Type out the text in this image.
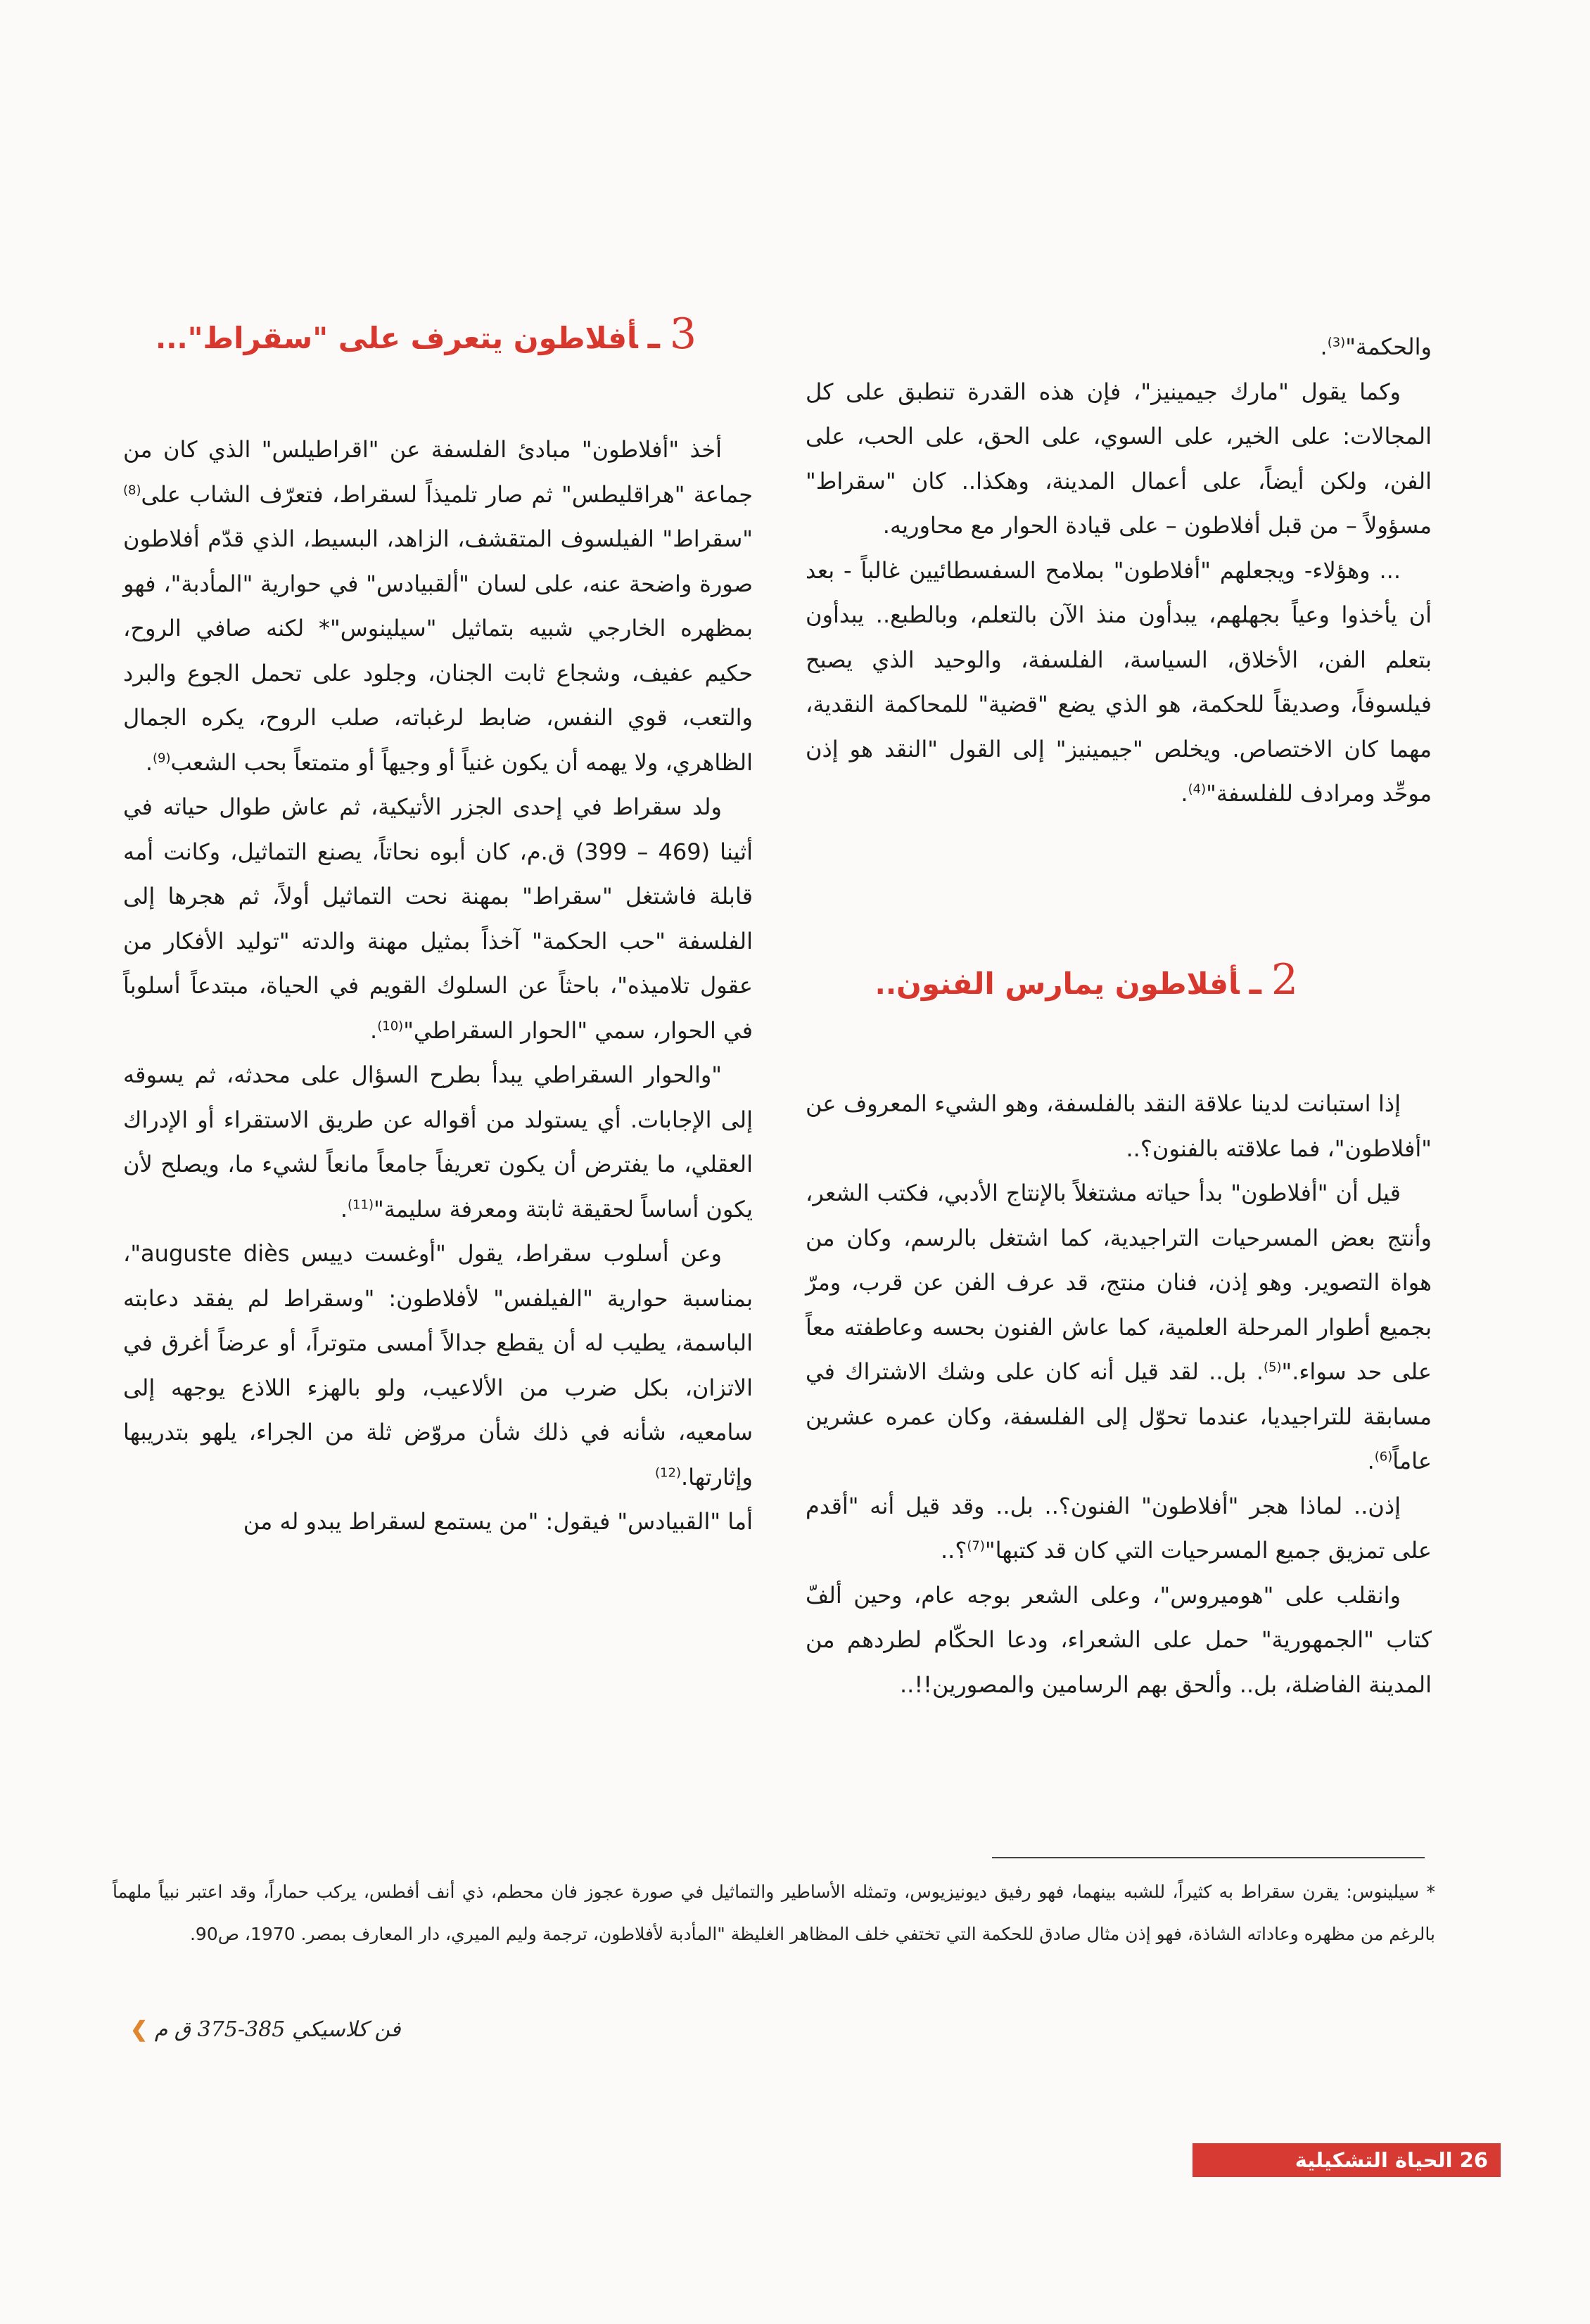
3ـأفلاطون يتعرف على "سقراط"...
2ـأفلاطون يمارس الفنون..

والحكمة"$^{(3)}$.

وكما يقول "مارك جيمينيز"، فإن هذه القدرة تنطبق على كل المجالات: على الخير، على السوي، على الحق، على الحب، على الفن، ولكن أيضاً، على أعمال المدينة، وهكذا.. كان "سقراط" مسؤولاً – من قبل أفلاطون – على قيادة الحوار مع محاوريه.

... وهؤلاء- ويجعلهم "أفلاطون" بملامح السفسطائيين غالباً - بعد أن يأخذوا وعياً بجهلهم، يبدأون منذ الآن بالتعلم، وبالطبع.. يبدأون بتعلم الفن، الأخلاق، السياسة، الفلسفة، والوحيد الذي يصبح فيلسوفاً، وصديقاً للحكمة، هو الذي يضع "قضية" للمحاكمة النقدية، مهما كان الاختصاص. ويخلص "جيمينيز" إلى القول "النقد هو إذن موحِّد ومرادف للفلسفة"$^{(4)}$.

إذا استبانت لدينا علاقة النقد بالفلسفة، وهو الشيء المعروف عن "أفلاطون"، فما علاقته بالفنون؟..

قيل أن "أفلاطون" بدأ حياته مشتغلاً بالإنتاج الأدبي، فكتب الشعر، وأنتج بعض المسرحيات التراجيدية، كما اشتغل بالرسم، وكان من هواة التصوير. وهو إذن، فنان منتج، قد عرف الفن عن قرب، ومرّ بجميع أطوار المرحلة العلمية، كما عاش الفنون بحسه وعاطفته معاً على حد سواء."$^{(5)}$. بل.. لقد قيل أنه كان على وشك الاشتراك في مسابقة للتراجيديا، عندما تحوّل إلى الفلسفة، وكان عمره عشرين عاماً$^{(6)}$.

إذن.. لماذا هجر "أفلاطون" الفنون؟.. بل.. وقد قيل أنه "أقدم على تمزيق جميع المسرحيات التي كان قد كتبها"$^{(7)}$؟..

وانقلب على "هوميروس"، وعلى الشعر بوجه عام، وحين ألفّ كتاب "الجمهورية" حمل على الشعراء، ودعا الحكّام لطردهم من المدينة الفاضلة، بل.. وألحق بهم الرسامين والمصورين!!..

أخذ "أفلاطون" مبادئ الفلسفة عن "اقراطيلس" الذي كان من جماعة "هراقليطس" ثم صار تلميذاً لسقراط، فتعرّف الشاب على$^{(8)}$ "سقراط" الفيلسوف المتقشف، الزاهد، البسيط، الذي قدّم أفلاطون صورة واضحة عنه، على لسان "ألقبيادس" في حوارية "المأدبة"، فهو بمظهره الخارجي شبيه بتماثيل "سيلينوس"* لكنه صافي الروح، حكيم عفيف، وشجاع ثابت الجنان، وجلود على تحمل الجوع والبرد والتعب، قوي النفس، ضابط لرغباته، صلب الروح، يكره الجمال الظاهري، ولا يهمه أن يكون غنياً أو وجيهاً أو متمتعاً بحب الشعب$^{(9)}$.

ولد سقراط في إحدى الجزر الأتيكية، ثم عاش طوال حياته في أثينا (469 – 399) ق.م، كان أبوه نحاتاً، يصنع التماثيل، وكانت أمه قابلة فاشتغل "سقراط" بمهنة نحت التماثيل أولاً، ثم هجرها إلى الفلسفة "حب الحكمة" آخذاً بمثيل مهنة والدته "توليد الأفكار من عقول تلاميذه"، باحثاً عن السلوك القويم في الحياة، مبتدعاً أسلوباً في الحوار، سمي "الحوار السقراطي"$^{(10)}$.

"والحوار السقراطي يبدأ بطرح السؤال على محدثه، ثم يسوقه إلى الإجابات. أي يستولد من أقواله عن طريق الاستقراء أو الإدراك العقلي، ما يفترض أن يكون تعريفاً جامعاً مانعاً لشيء ما، ويصلح لأن يكون أساساً لحقيقة ثابتة ومعرفة سليمة"$^{(11)}$.

وعن أسلوب سقراط، يقول "أوغست دييس auguste diès"، بمناسبة حوارية "الفيلفس" لأفلاطون: "وسقراط لم يفقد دعابته الباسمة، يطيب له أن يقطع جدالاً أمسى متوتراً، أو عرضاً أغرق في الاتزان، بكل ضرب من الألاعيب، ولو بالهزء اللاذع يوجهه إلى سامعيه، شأنه في ذلك شأن مروّض ثلة من الجراء، يلهو بتدريبها وإثارتها.$^{(12)}$

أما "القبيادس" فيقول: "من يستمع لسقراط يبدو له من

* سيلينوس: يقرن سقراط به كثيراً، للشبه بينهما، فهو رفيق ديونيزيوس، وتمثله الأساطير والتماثيل في صورة عجوز فان محطم، ذي أنف أفطس، يركب حماراً، وقد اعتبر نبياً ملهماً بالرغم من مظهره وعاداته الشاذة، فهو إذن مثال صادق للحكمة التي تختفي خلف المظاهر الغليظة "المأدبة لأفلاطون، ترجمة وليم الميري، دار المعارف بمصر. 1970، ص90.
فن كلاسيكي 385-375 ق م ❯
26 الحياة التشكيلية
